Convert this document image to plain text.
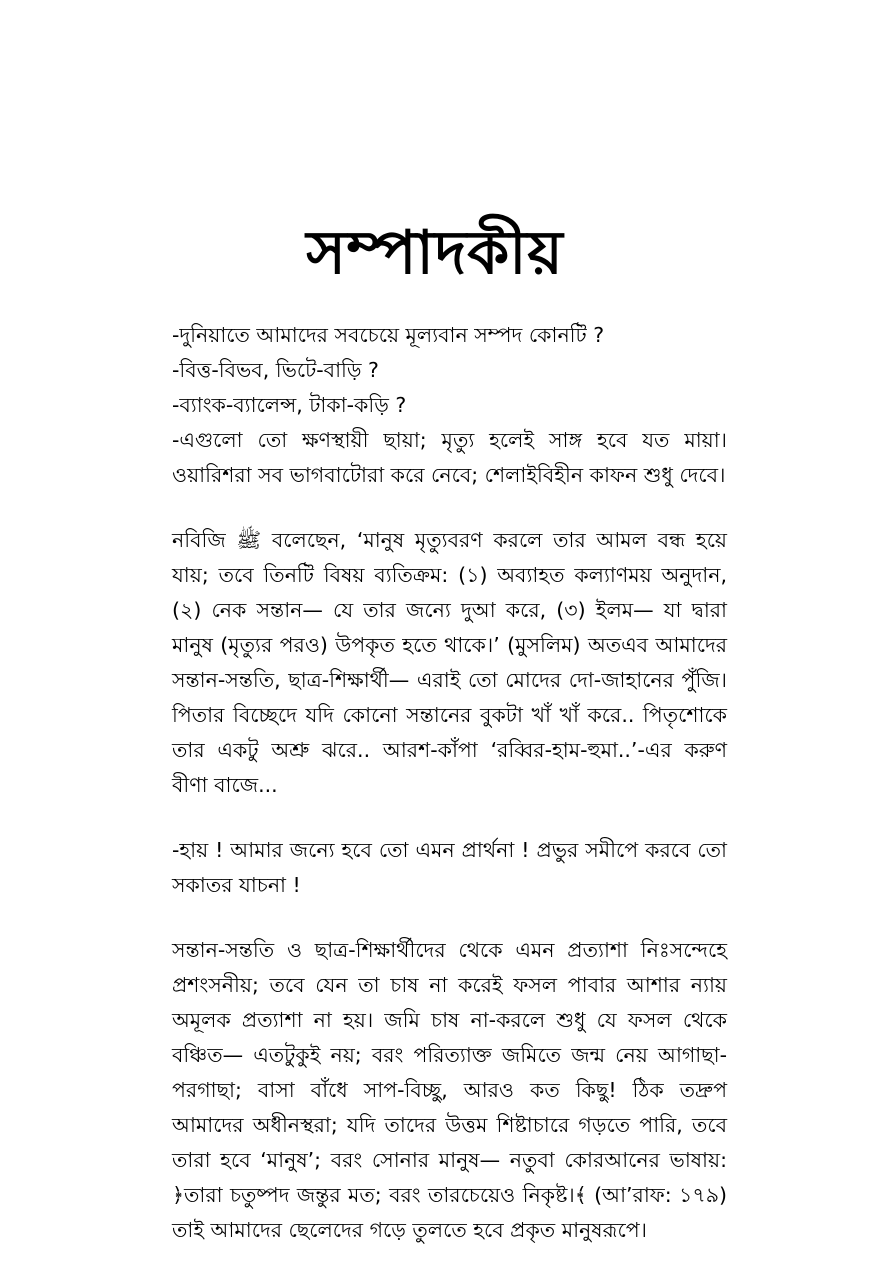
সম্পাদকীয়

-দুনিয়াতে আমাদের সবচেয়ে মূল্যবান সম্পদ কোনটি ?

-বিত্ত-বিভব, ভিটে-বাড়ি ?

-ব্যাংক-ব্যালেন্স, টাকা-কড়ি ?

-এগুলো তো ক্ষণস্থায়ী ছায়া; মৃত্যু হলেই সাঙ্গ হবে যত মায়া। ওয়ারিশরা সব ভাগবাটোরা করে নেবে; শেলাইবিহীন কাফন শুধু দেবে।

নবিজি ﷺ বলেছেন, ‘মানুষ মৃত্যুবরণ করলে তার আমল বন্ধ হয়ে যায়; তবে তিনটি বিষয় ব্যতিক্রম: (১) অব্যাহত কল্যাণময় অনুদান, (২) নেক সন্তান— যে তার জন্যে দুআ করে, (৩) ইলম— যা দ্বারা মানুষ (মৃত্যুর পরও) উপকৃত হতে থাকে।’ (মুসলিম) অতএব আমাদের সন্তান-সন্ততি, ছাত্র-শিক্ষার্থী— এরাই তো মোদের দো-জাহানের পুঁজি। পিতার বিচ্ছেদে যদি কোনো সন্তানের বুকটা খাঁ খাঁ করে.. পিতৃশোকে তার একটু অশ্রু ঝরে.. আরশ-কাঁপা ‘রব্বির-হাম-হুমা..’-এর করুণ বীণা বাজে...

-হায় ! আমার জন্যে হবে তো এমন প্রার্থনা ! প্রভুর সমীপে করবে তো সকাতর যাচনা !

সন্তান-সন্ততি ও ছাত্র-শিক্ষার্থীদের থেকে এমন প্রত্যাশা নিঃসন্দেহে প্রশংসনীয়; তবে যেন তা চাষ না করেই ফসল পাবার আশার ন্যায় অমূলক প্রত্যাশা না হয়। জমি চাষ না-করলে শুধু যে ফসল থেকে বঞ্চিত— এতটুকুই নয়; বরং পরিত্যাক্ত জমিতে জন্ম নেয় আগাছা-পরগাছা; বাসা বাঁধে সাপ-বিচ্ছু, আরও কত কিছু! ঠিক তদ্রুপ আমাদের অধীনস্থরা; যদি তাদের উত্তম শিষ্টাচারে গড়তে পারি, তবে তারা হবে ‘মানুষ’; বরং সোনার মানুষ— নতুবা কোরআনের ভাষায়: ﴿তারা চতুষ্পদ জন্তুর মত; বরং তারচেয়েও নিকৃষ্ট।﴾ (আ’রাফ: ১৭৯) তাই আমাদের ছেলেদের গড়ে তুলতে হবে প্রকৃত মানুষরূপে।
